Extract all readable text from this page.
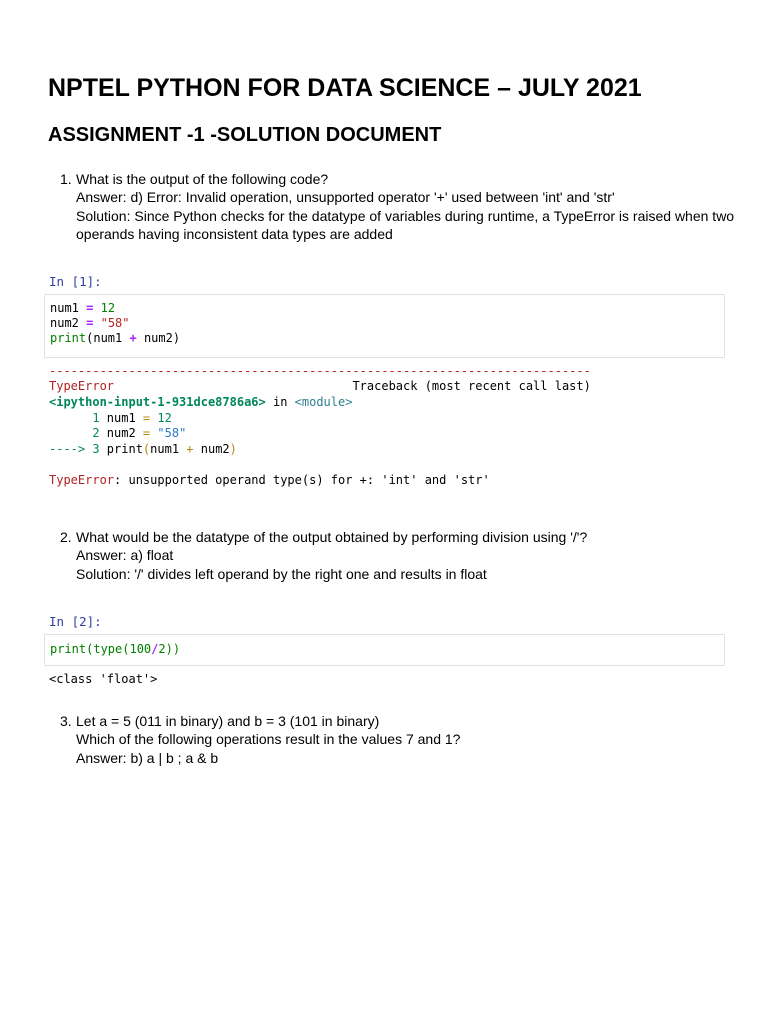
NPTEL PYTHON FOR DATA SCIENCE – JULY 2021
ASSIGNMENT -1 -SOLUTION DOCUMENT
1. What is the output of the following code?
Answer: d) Error: Invalid operation, unsupported operator '+' used between 'int' and 'str'
Solution: Since Python checks for the datatype of variables during runtime, a TypeError is raised when two
operands having inconsistent data types are added
In [1]:
num1 = 12
num2 = "58"
print(num1 + num2)
---------------------------------------------------------------------------
TypeError                                 Traceback (most recent call last)
<ipython-input-1-931dce8786a6> in <module>
1 num1 = 12
2 num2 = "58"
----> 3 print(num1 + num2)
TypeError: unsupported operand type(s) for +: 'int' and 'str'
2. What would be the datatype of the output obtained by performing division using '/'?
Answer: a) float
Solution: '/' divides left operand by the right one and results in float
In [2]:
print(type(100/2))
<class 'float'>
3. Let a = 5 (011 in binary) and b = 3 (101 in binary)
Which of the following operations result in the values 7 and 1?
Answer: b) a | b ; a & b
